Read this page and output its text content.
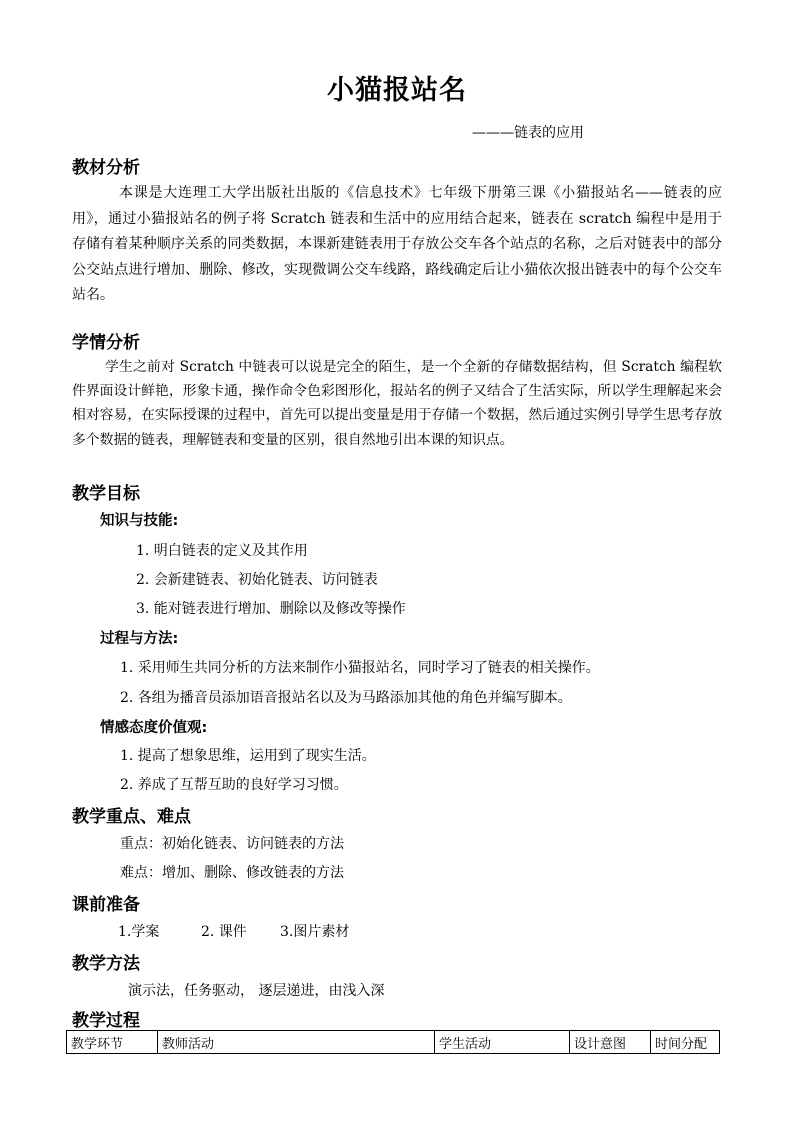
小猫报站名
———链表的应用
教材分析

本课是大连理工大学出版社出版的《信息技术》七年级下册第三课《小猫报站名——链表的应用》，通过小猫报站名的例子将 Scratch 链表和生活中的应用结合起来，链表在 scratch 编程中是用于存储有着某种顺序关系的同类数据，本课新建链表用于存放公交车各个站点的名称，之后对链表中的部分公交站点进行增加、删除、修改，实现微调公交车线路，路线确定后让小猫依次报出链表中的每个公交车站名。

学情分析

学生之前对 Scratch 中链表可以说是完全的陌生，是一个全新的存储数据结构，但 Scratch 编程软件界面设计鲜艳，形象卡通，操作命令色彩图形化，报站名的例子又结合了生活实际，所以学生理解起来会相对容易，在实际授课的过程中，首先可以提出变量是用于存储一个数据，然后通过实例引导学生思考存放多个数据的链表，理解链表和变量的区别，很自然地引出本课的知识点。

教学目标
知识与技能:
1. 明白链表的定义及其作用
2. 会新建链表、初始化链表、访问链表
3. 能对链表进行增加、删除以及修改等操作
过程与方法:
1. 采用师生共同分析的方法来制作小猫报站名，同时学习了链表的相关操作。
2. 各组为播音员添加语音报站名以及为马路添加其他的角色并编写脚本。
情感态度价值观:
1. 提高了想象思维，运用到了现实生活。
2. 养成了互帮互助的良好学习习惯。
教学重点、难点
重点：初始化链表、访问链表的方法
难点：增加、删除、修改链表的方法
课前准备
1.学案	2. 课件 3.图片素材
教学方法
演示法，任务驱动， 逐层递进，由浅入深
教学过程
教学环节	教师活动	学生活动	设计意图	时间分配
